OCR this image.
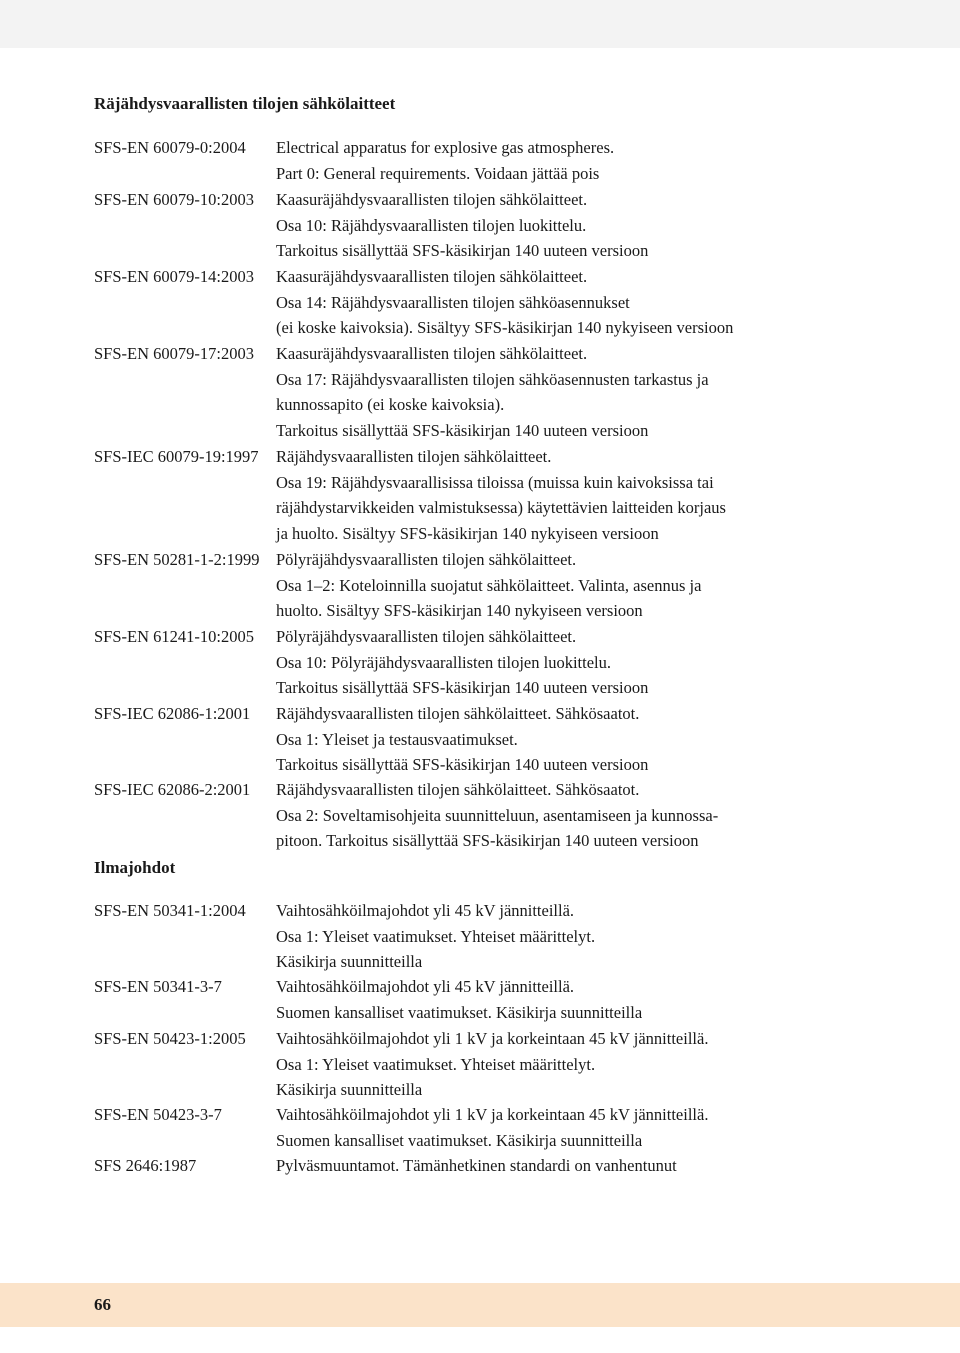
Räjähdysvaarallisten tilojen sähkölaitteet
SFS-EN 60079-0:2004 Electrical apparatus for explosive gas atmospheres.
Part 0: General requirements. Voidaan jättää pois
SFS-EN 60079-10:2003 Kaasuräjähdysvaarallisten tilojen sähkölaitteet.
Osa 10: Räjähdysvaarallisten tilojen luokittelu.
Tarkoitus sisällyttää SFS-käsikirjan 140 uuteen versioon
SFS-EN 60079-14:2003 Kaasuräjähdysvaarallisten tilojen sähkölaitteet.
Osa 14: Räjähdysvaarallisten tilojen sähköasennukset
(ei koske kaivoksia). Sisältyy SFS-käsikirjan 140 nykyiseen versioon
SFS-EN 60079-17:2003 Kaasuräjähdysvaarallisten tilojen sähkölaitteet.
Osa 17: Räjähdysvaarallisten tilojen sähköasennusten tarkastus ja
kunnossapito (ei koske kaivoksia).
Tarkoitus sisällyttää SFS-käsikirjan 140 uuteen versioon
SFS-IEC 60079-19:1997 Räjähdysvaarallisten tilojen sähkölaitteet.
Osa 19: Räjähdysvaarallisissa tiloissa (muissa kuin kaivoksissa tai
räjähdystarvikkeiden valmistuksessa) käytettävien laitteiden korjaus
ja huolto. Sisältyy SFS-käsikirjan 140 nykyiseen versioon
SFS-EN 50281-1-2:1999 Pölyräjähdysvaarallisten tilojen sähkölaitteet.
Osa 1–2: Koteloinnilla suojatut sähkölaitteet. Valinta, asennus ja
huolto. Sisältyy SFS-käsikirjan 140 nykyiseen versioon
SFS-EN 61241-10:2005 Pölyräjähdysvaarallisten tilojen sähkölaitteet.
Osa 10: Pölyräjähdysvaarallisten tilojen luokittelu.
Tarkoitus sisällyttää SFS-käsikirjan 140 uuteen versioon
SFS-IEC 62086-1:2001 Räjähdysvaarallisten tilojen sähkölaitteet. Sähkösaatot.
Osa 1: Yleiset ja testausvaatimukset.
Tarkoitus sisällyttää SFS-käsikirjan 140 uuteen versioon
SFS-IEC 62086-2:2001 Räjähdysvaarallisten tilojen sähkölaitteet. Sähkösaatot.
Osa 2: Soveltamisohjeita suunnitteluun, asentamiseen ja kunnossa-
pitoon. Tarkoitus sisällyttää SFS-käsikirjan 140 uuteen versioon
Ilmajohdot
SFS-EN 50341-1:2004 Vaihtosähköilmajohdot yli 45 kV jännitteillä.
Osa 1: Yleiset vaatimukset. Yhteiset määrittelyt.
Käsikirja suunnitteilla
SFS-EN 50341-3-7	Vaihtosähköilmajohdot yli 45 kV jännitteillä.
Suomen kansalliset vaatimukset. Käsikirja suunnitteilla
SFS-EN 50423-1:2005 Vaihtosähköilmajohdot yli 1 kV ja korkeintaan 45 kV jännitteillä.
Osa 1: Yleiset vaatimukset. Yhteiset määrittelyt.
Käsikirja suunnitteilla
SFS-EN 50423-3-7	Vaihtosähköilmajohdot yli 1 kV ja korkeintaan 45 kV jännitteillä.
Suomen kansalliset vaatimukset. Käsikirja suunnitteilla
SFS 2646:1987	Pylväsmuuntamot. Tämänhetkinen standardi on vanhentunut
66
